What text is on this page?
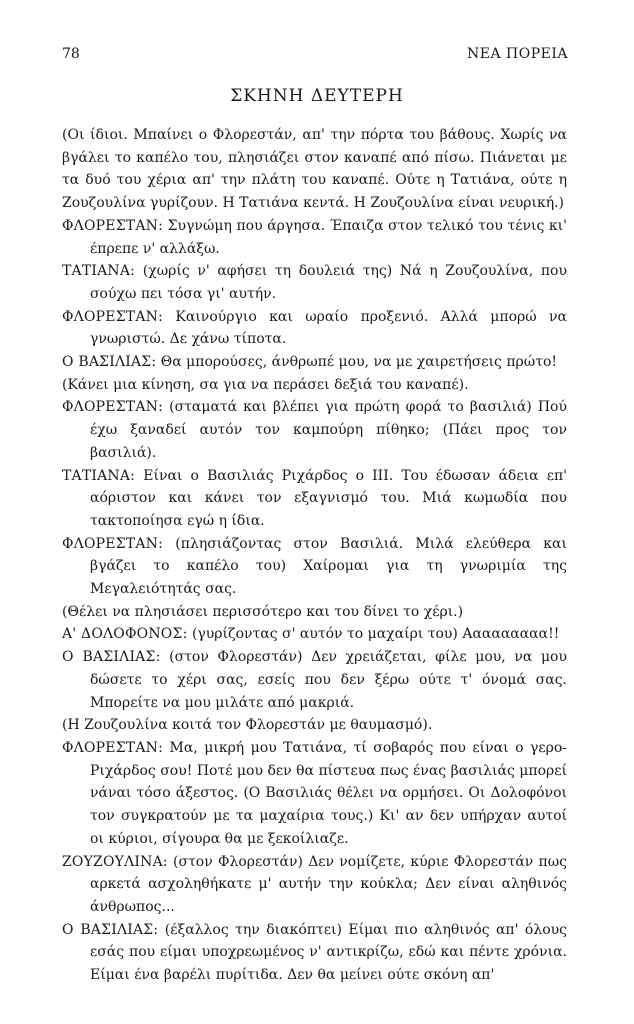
78	ΝΕΑ ΠΟΡΕΙΑ
ΣΚΗΝΗ ΔΕΥΤΕΡΗ

(Οι ίδιοι. Μπαίνει ο Φλορεστάν, απ' την πόρτα του βάθους. Χωρίς να βγάλει το καπέλο του, πλησιάζει στον καναπέ από πίσω. Πιάνεται με τα δυό του χέρια απ' την πλάτη του καναπέ. Ούτε η Τατιάνα, ούτε η Ζουζουλίνα γυρίζουν. Η Τατιάνα κεντά. Η Ζουζουλίνα είναι νευρική.)

ΦΛΟΡΕΣΤΑΝ: Συγνώμη που άργησα. Έπαιζα στον τελικό του τένις κι' έπρεπε ν' αλλάξω.

ΤΑΤΙΑΝΑ: (χωρίς ν' αφήσει τη δουλειά της) Νά η Ζουζουλίνα, που σούχω πει τόσα γι' αυτήν.

ΦΛΟΡΕΣΤΑΝ: Καινούργιο και ωραίο προξενιό. Αλλά μπορώ να γνωριστώ. Δε χάνω τίποτα.

Ο ΒΑΣΙΛΙΑΣ: Θα μπορούσες, άνθρωπέ μου, να με χαιρετήσεις πρώτο!

(Κάνει μια κίνηση, σα για να περάσει δεξιά του καναπέ).

ΦΛΟΡΕΣΤΑΝ: (σταματά και βλέπει για πρώτη φορά το βασιλιά) Πού έχω ξαναδεί αυτόν τον καμπούρη πίθηκο; (Πάει προς τον βασιλιά).

ΤΑΤΙΑΝΑ: Είναι ο Βασιλιάς Ριχάρδος ο ΙΙΙ. Του έδωσαν άδεια επ' αόριστον και κάνει τον εξαγνισμό του. Μιά κωμωδία που τακτοποίησα εγώ η ίδια.

ΦΛΟΡΕΣΤΑΝ: (πλησιάζοντας στον Βασιλιά. Μιλά ελεύθερα και βγάζει το καπέλο του) Χαίρομαι για τη γνωριμία της Μεγαλειότητάς σας.

(Θέλει να πλησιάσει περισσότερο και του δίνει το χέρι.)

Α' ΔΟΛΟΦΟΝΟΣ: (γυρίζοντας σ' αυτόν το μαχαίρι του) Ααααααααα!!

Ο ΒΑΣΙΛΙΑΣ: (στον Φλορεστάν) Δεν χρειάζεται, φίλε μου, να μου δώσετε το χέρι σας, εσείς που δεν ξέρω ούτε τ' όνομά σας. Μπορείτε να μου μιλάτε από μακριά.

(Η Ζουζουλίνα κοιτά τον Φλορεστάν με θαυμασμό).

ΦΛΟΡΕΣΤΑΝ: Μα, μικρή μου Τατιάνα, τί σοβαρός που είναι ο γερο-Ριχάρδος σου! Ποτέ μου δεν θα πίστευα πως ένας βασιλιάς μπορεί νάναι τόσο άξεστος. (Ο Βασιλιάς θέλει να ορμήσει. Οι Δολοφόνοι τον συγκρατούν με τα μαχαίρια τους.) Κι' αν δεν υπήρχαν αυτοί οι κύριοι, σίγουρα θα με ξεκοίλιαζε.

ΖΟΥΖΟΥΛΙΝΑ: (στον Φλορεστάν) Δεν νομίζετε, κύριε Φλορεστάν πως αρκετά ασχοληθήκατε μ' αυτήν την κούκλα; Δεν είναι αληθινός άνθρωπος...

Ο ΒΑΣΙΛΙΑΣ: (έξαλλος την διακόπτει) Είμαι πιο αληθινός απ' όλους εσάς που είμαι υποχρεωμένος ν' αντικρίζω, εδώ και πέντε χρόνια. Είμαι ένα βαρέλι πυρίτιδα. Δεν θα μείνει ούτε σκόνη απ'
